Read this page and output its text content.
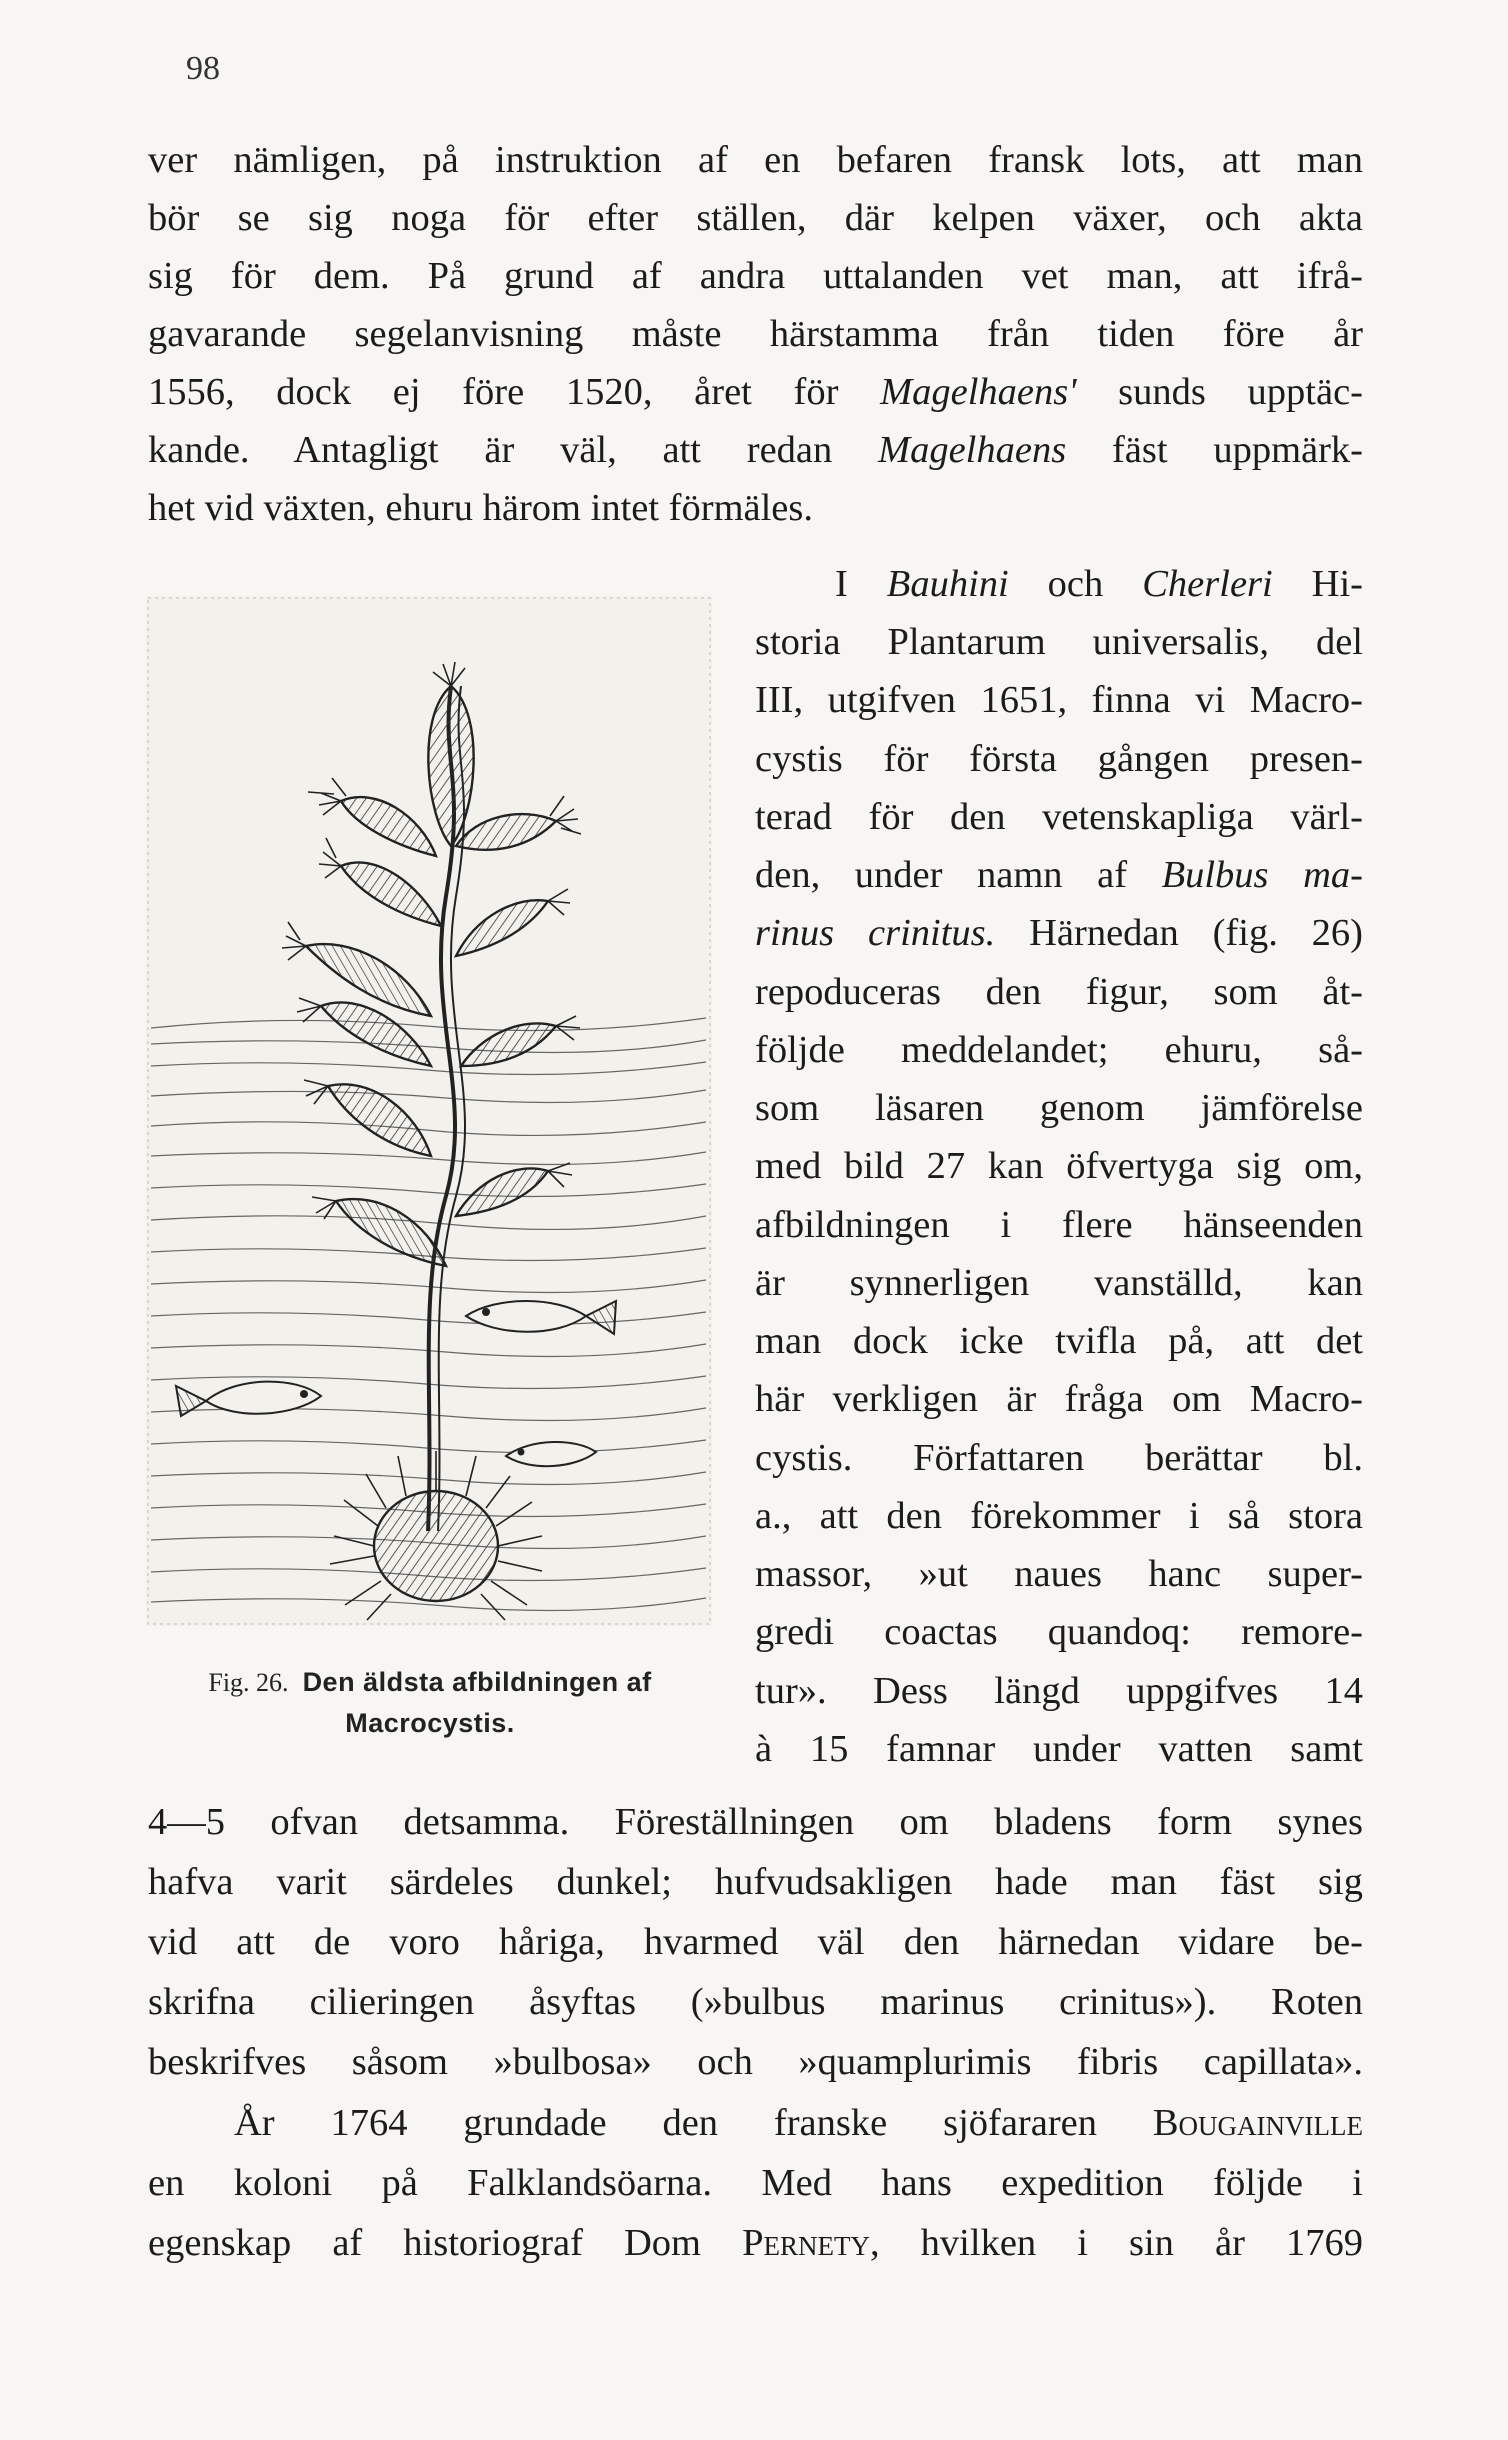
98
ver nämligen, på instruktion af en befaren fransk lots, att man
bör se sig noga för efter ställen, där kelpen växer, och akta
sig för dem. På grund af andra uttalanden vet man, att ifrå-
gavarande segelanvisning måste härstamma från tiden före år
1556, dock ej före 1520, året för Magelhaens' sunds upptäc-
kande. Antagligt är väl, att redan Magelhaens fäst uppmärk-
het vid växten, ehuru härom intet förmäles.
I Bauhini och Cherleri Hi-
storia Plantarum universalis, del
III, utgifven 1651, finna vi Macro-
cystis för första gången presen-
terad för den vetenskapliga värl-
den, under namn af Bulbus ma-
rinus crinitus. Härnedan (fig. 26)
repoduceras den figur, som åt-
följde meddelandet; ehuru, så-
som läsaren genom jämförelse
med bild 27 kan öfvertyga sig om,
afbildningen i flere hänseenden
är synnerligen vanställd, kan
man dock icke tvifla på, att det
här verkligen är fråga om Macro-
cystis. Författaren berättar bl.
a., att den förekommer i så stora
massor, »ut naues hanc super-
gredi coactas quandoq: remore-
tur». Dess längd uppgifves 14
à 15 famnar under vatten samt
4—5 ofvan detsamma. Föreställningen om bladens form synes
hafva varit särdeles dunkel; hufvudsakligen hade man fäst sig
vid att de voro håriga, hvarmed väl den härnedan vidare be-
skrifna cilieringen åsyftas (»bulbus marinus crinitus»). Roten
beskrifves såsom »bulbosa» och »quamplurimis fibris capillata».
År 1764 grundade den franske sjöfararen Bougainville
en koloni på Falklandsöarna. Med hans expedition följde i
egenskap af historiograf Dom Pernety, hvilken i sin år 1769
Fig. 26. Den äldsta afbildningen af
Macrocystis.
